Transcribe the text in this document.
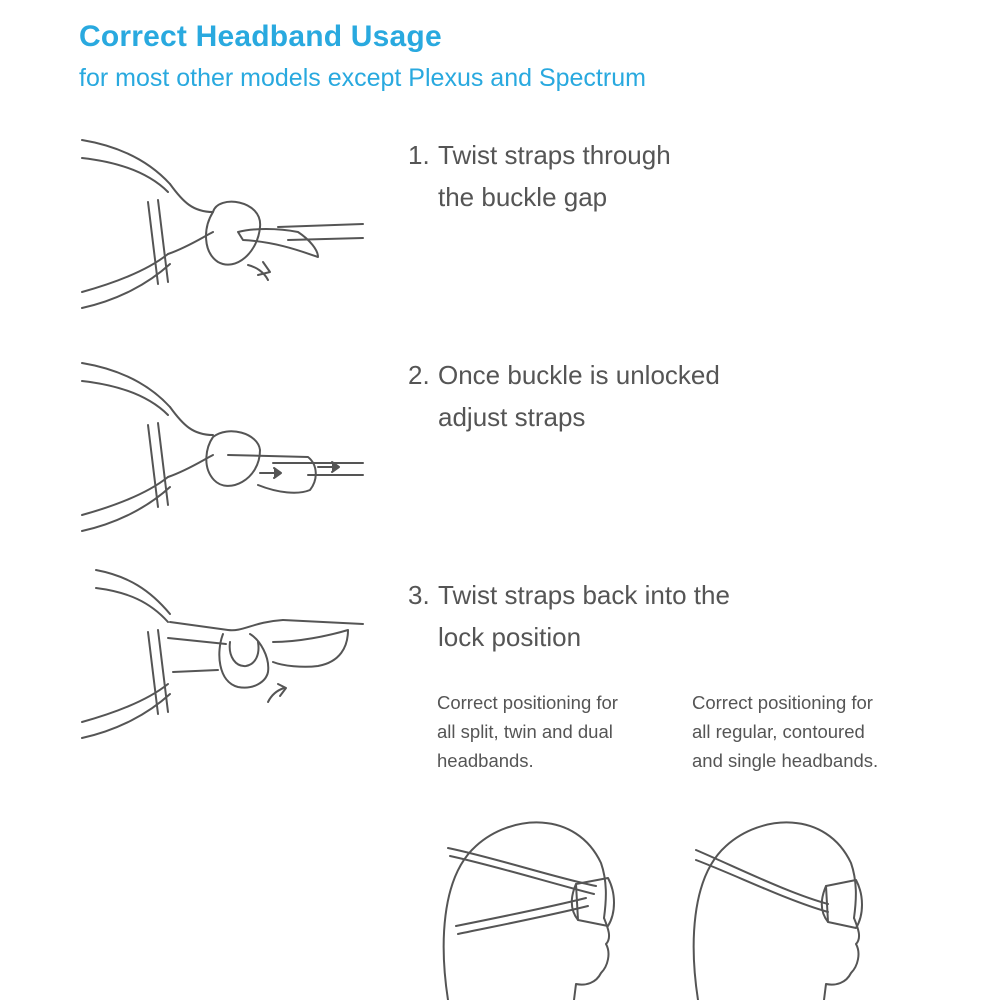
Correct Headband Usage

for most other models except Plexus and Spectrum

1. Twist straps through
the buckle gap
2. Once buckle is unlocked
adjust straps
3. Twist straps back into the
lock position
Correct positioning for
all split, twin and dual
headbands.
Correct positioning for
all regular, contoured
and single headbands.
